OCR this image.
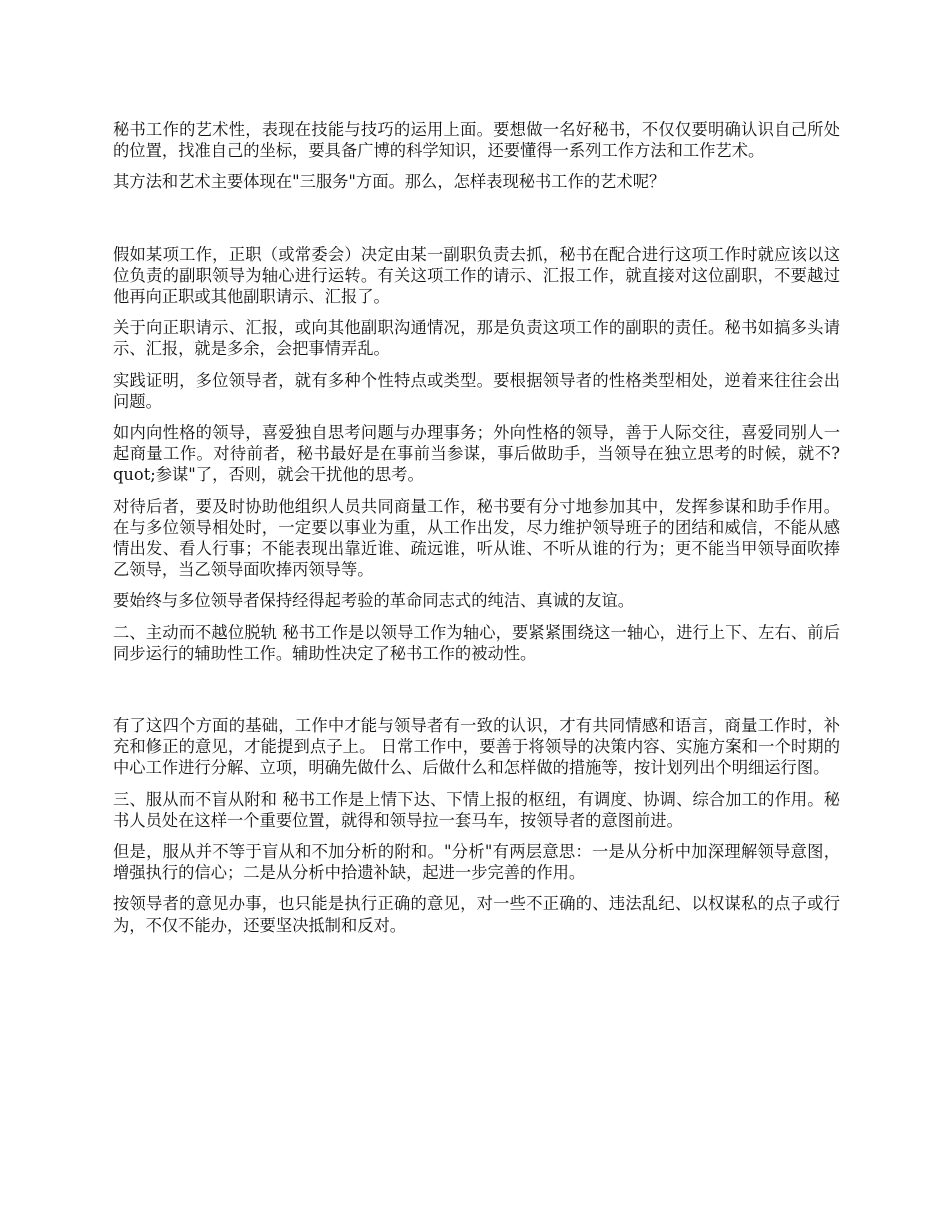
秘书工作的艺术性，表现在技能与技巧的运用上面。要想做一名好秘书，不仅仅要明确认识自己所处的位置，找准自己的坐标，要具备广博的科学知识，还要懂得一系列工作方法和工作艺术。

其方法和艺术主要体现在"三服务"方面。那么，怎样表现秘书工作的艺术呢？

假如某项工作，正职（或常委会）决定由某一副职负责去抓，秘书在配合进行这项工作时就应该以这位负责的副职领导为轴心进行运转。有关这项工作的请示、汇报工作，就直接对这位副职，不要越过他再向正职或其他副职请示、汇报了。

关于向正职请示、汇报，或向其他副职沟通情况，那是负责这项工作的副职的责任。秘书如搞多头请示、汇报，就是多余，会把事情弄乱。

实践证明，多位领导者，就有多种个性特点或类型。要根据领导者的性格类型相处，逆着来往往会出问题。

如内向性格的领导，喜爱独自思考问题与办理事务；外向性格的领导，善于人际交往，喜爱同别人一起商量工作。对待前者，秘书最好是在事前当参谋，事后做助手，当领导在独立思考的时候，就不?quot;参谋"了，否则，就会干扰他的思考。

对待后者，要及时协助他组织人员共同商量工作，秘书要有分寸地参加其中，发挥参谋和助手作用。 在与多位领导相处时，一定要以事业为重，从工作出发，尽力维护领导班子的团结和威信，不能从感情出发、看人行事；不能表现出靠近谁、疏远谁，听从谁、不听从谁的行为；更不能当甲领导面吹捧乙领导，当乙领导面吹捧丙领导等。

要始终与多位领导者保持经得起考验的革命同志式的纯洁、真诚的友谊。

二、主动而不越位脱轨 秘书工作是以领导工作为轴心，要紧紧围绕这一轴心，进行上下、左右、前后同步运行的辅助性工作。辅助性决定了秘书工作的被动性。

有了这四个方面的基础，工作中才能与领导者有一致的认识，才有共同情感和语言，商量工作时，补充和修正的意见，才能提到点子上。 日常工作中，要善于将领导的决策内容、实施方案和一个时期的中心工作进行分解、立项，明确先做什么、后做什么和怎样做的措施等，按计划列出个明细运行图。

三、服从而不盲从附和 秘书工作是上情下达、下情上报的枢纽，有调度、协调、综合加工的作用。秘书人员处在这样一个重要位置，就得和领导拉一套马车，按领导者的意图前进。

但是，服从并不等于盲从和不加分析的附和。"分析"有两层意思：一是从分析中加深理解领导意图，增强执行的信心；二是从分析中拾遗补缺，起进一步完善的作用。

按领导者的意见办事，也只能是执行正确的意见，对一些不正确的、违法乱纪、以权谋私的点子或行为，不仅不能办，还要坚决抵制和反对。
